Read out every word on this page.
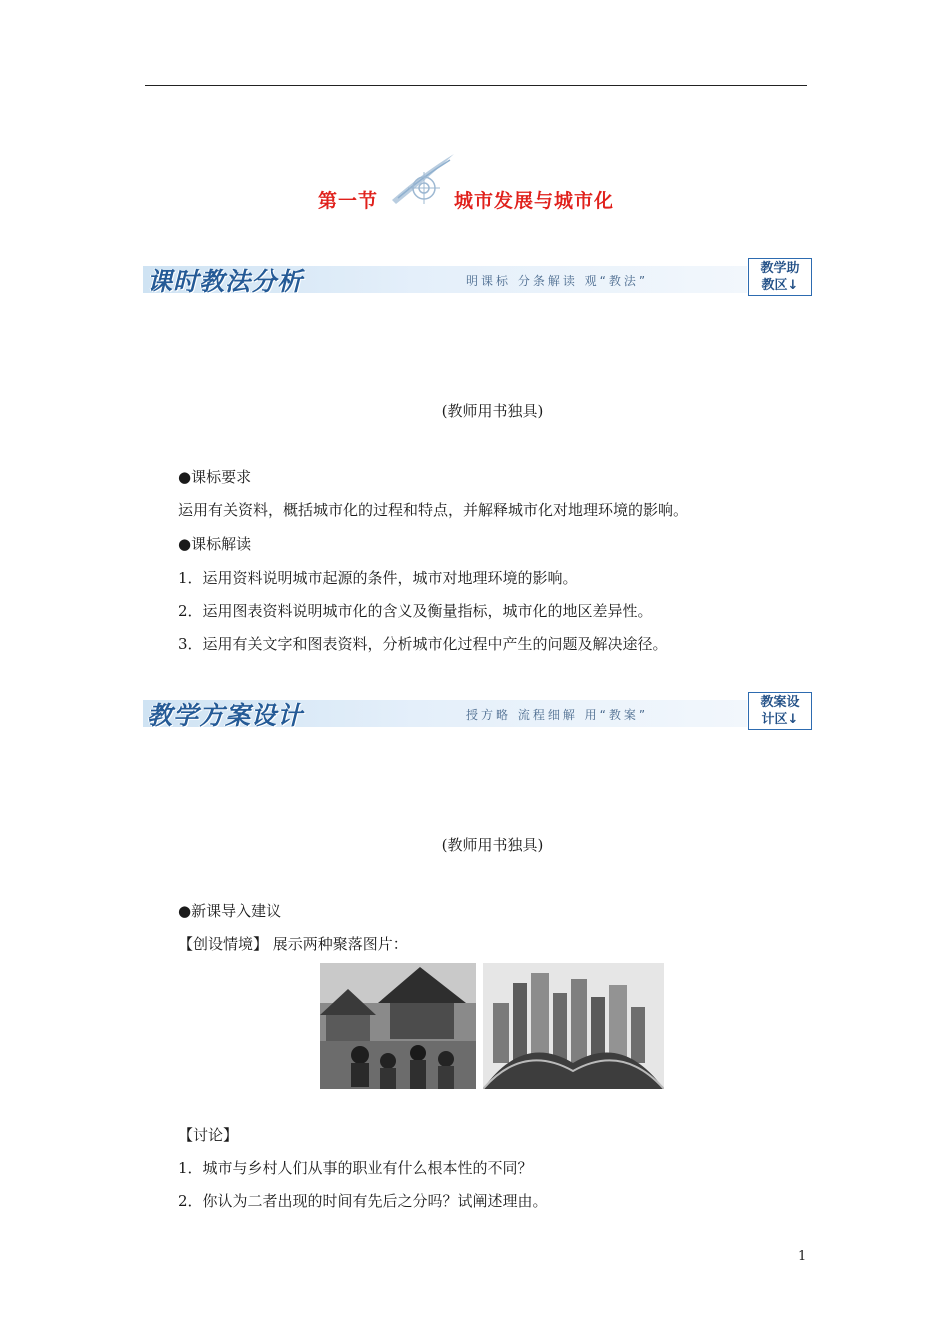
第一节	城市发展与城市化
课时教法分析	明课标 分条解读 观“教法”
教学助
教区↓
(教师用书独具)
●课标要求
运用有关资料，概括城市化的过程和特点，并解释城市化对地理环境的影响。
●课标解读
1．运用资料说明城市起源的条件，城市对地理环境的影响。
2．运用图表资料说明城市化的含义及衡量指标，城市化的地区差异性。
3．运用有关文字和图表资料，分析城市化过程中产生的问题及解决途径。
教学方案设计	授方略 流程细解 用“教案”
教案设
计区↓
(教师用书独具)
●新课导入建议
【创设情境】 展示两种聚落图片：
【讨论】
1．城市与乡村人们从事的职业有什么根本性的不同？
2．你认为二者出现的时间有先后之分吗？试阐述理由。
1
